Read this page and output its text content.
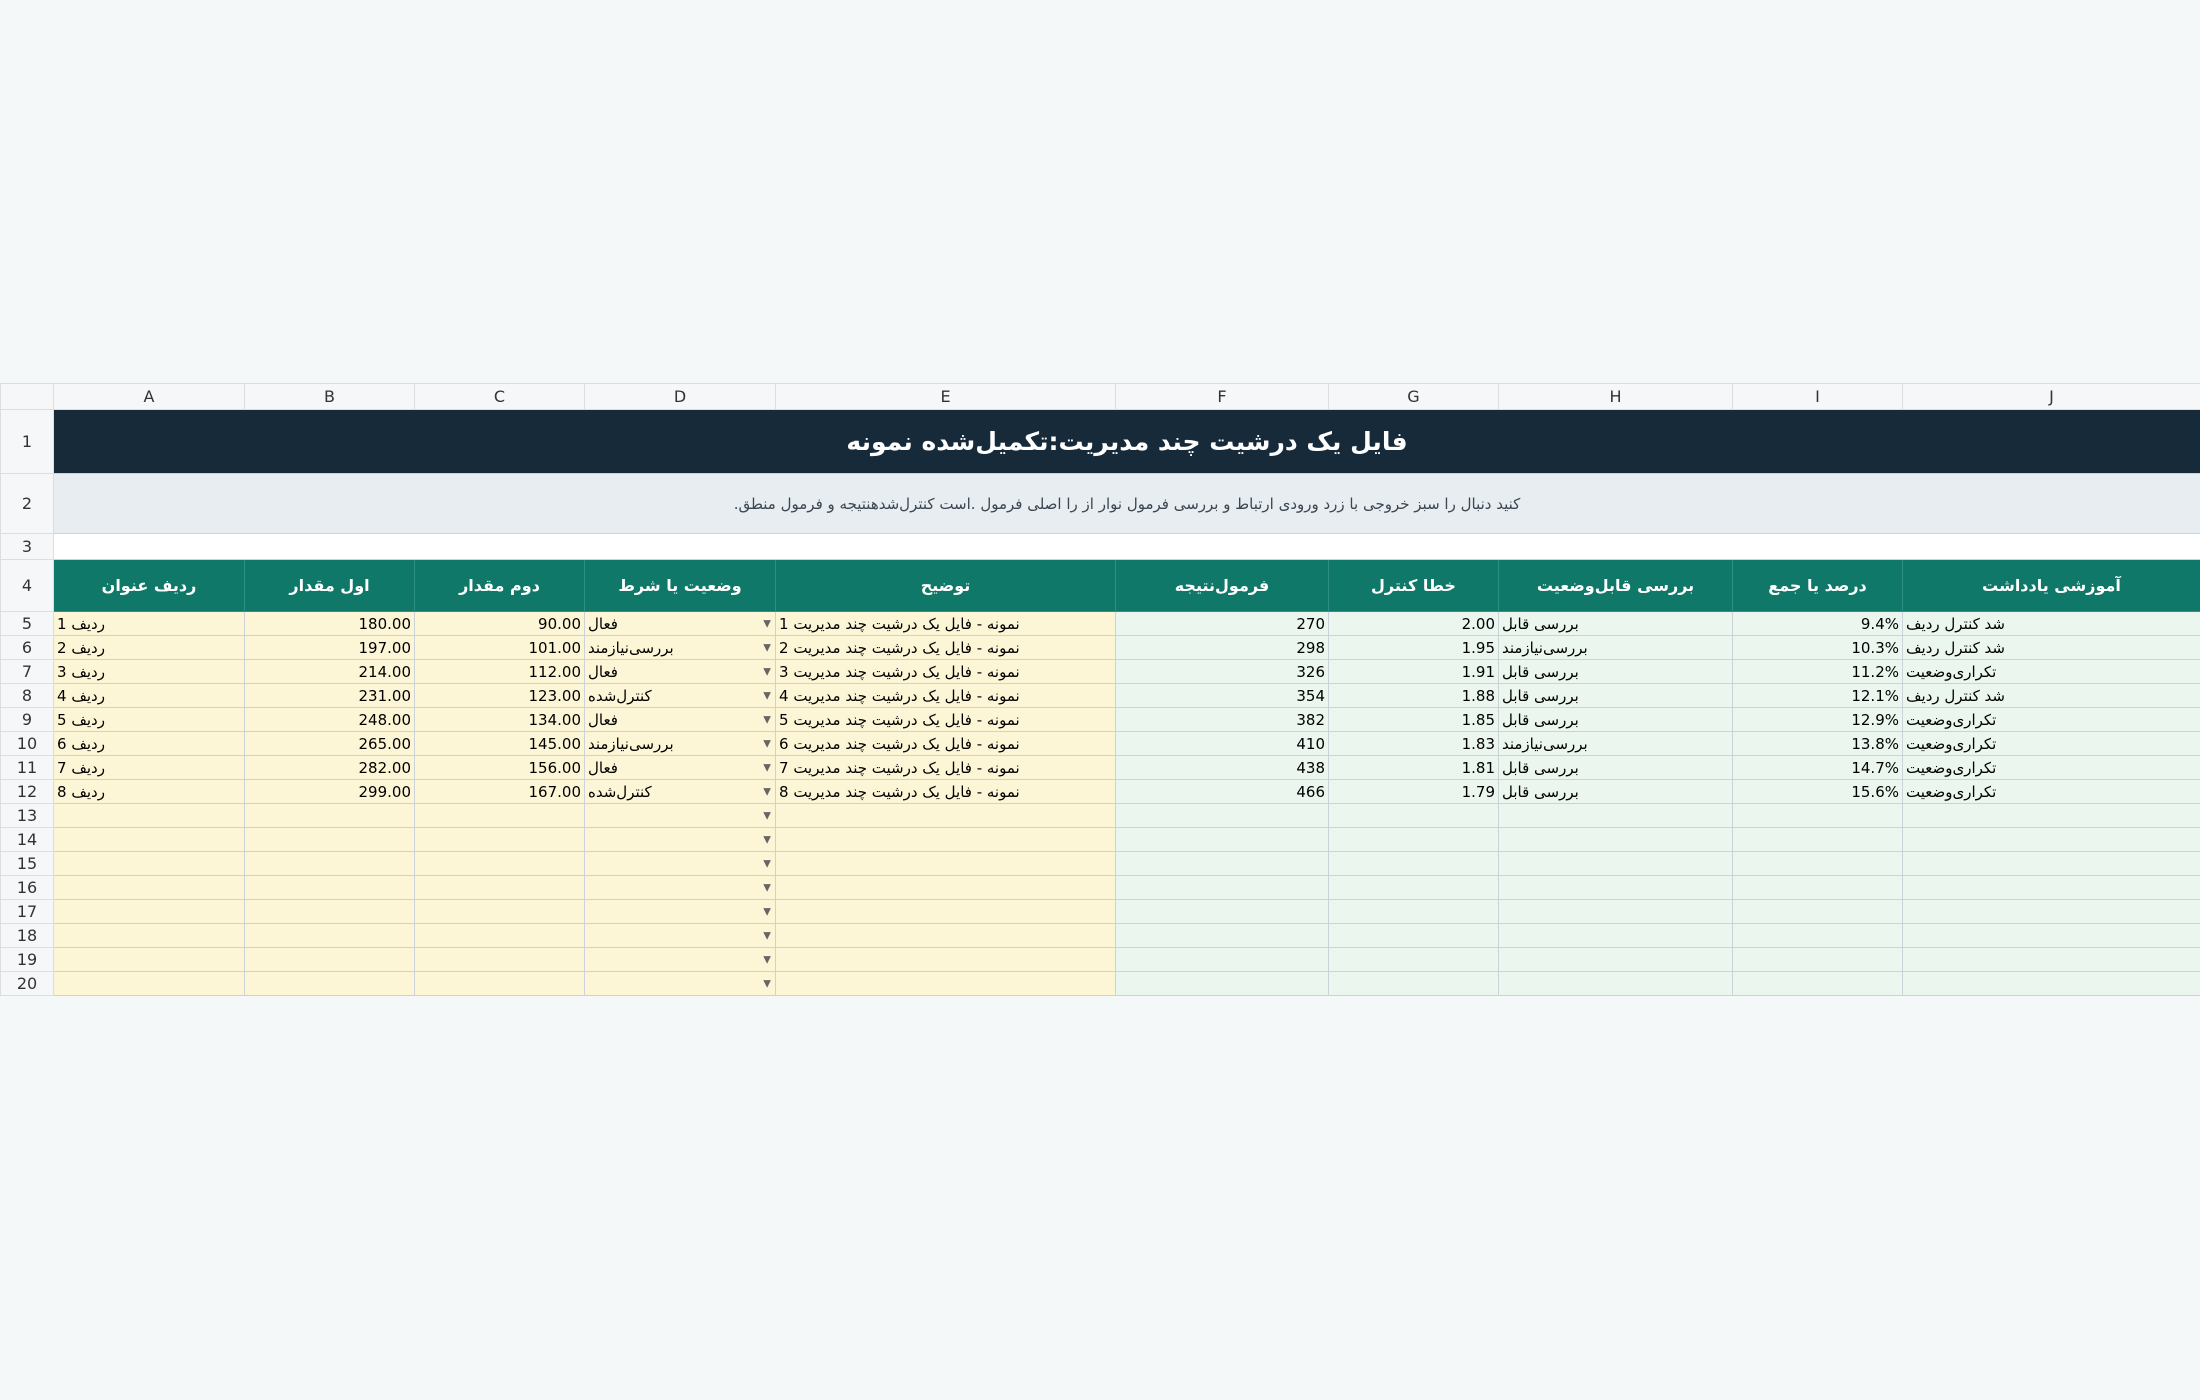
	A	B	C	D	E	F	G	H	I	J
1	فایل یک درشیت چند مدیریت:تکمیل‌شده نمونه									
2	کنید دنبال را سبز خروجی با زرد ورودی ارتباط و بررسی فرمول نوار از را اصلی فرمول .است کنترل‌شدهنتیجه و فرمول منطق.									
3										
4	ردیف عنوان	اول مقدار	دوم مقدار	وضعیت یا شرط	توضیح	فرمول‌نتیجه	خطا کنترل	بررسی قابل‌وضعیت	درصد یا جمع	آموزشی یادداشت
5	1 ردیف	180.00	90.00	فعال ▼	1 نمونه - فایل یک درشیت چند مدیریت	270	2.00	بررسی قابل	9.4%	شد کنترل ردیف
6	2 ردیف	197.00	101.00	بررسی‌نیازمند ▼	2 نمونه - فایل یک درشیت چند مدیریت	298	1.95	بررسی‌نیازمند	10.3%	شد کنترل ردیف
7	3 ردیف	214.00	112.00	فعال ▼	3 نمونه - فایل یک درشیت چند مدیریت	326	1.91	بررسی قابل	11.2%	تکراری‌وضعیت
8	4 ردیف	231.00	123.00	کنترل‌شده ▼	4 نمونه - فایل یک درشیت چند مدیریت	354	1.88	بررسی قابل	12.1%	شد کنترل ردیف
9	5 ردیف	248.00	134.00	فعال ▼	5 نمونه - فایل یک درشیت چند مدیریت	382	1.85	بررسی قابل	12.9%	تکراری‌وضعیت
10	6 ردیف	265.00	145.00	بررسی‌نیازمند ▼	6 نمونه - فایل یک درشیت چند مدیریت	410	1.83	بررسی‌نیازمند	13.8%	تکراری‌وضعیت
11	7 ردیف	282.00	156.00	فعال ▼	7 نمونه - فایل یک درشیت چند مدیریت	438	1.81	بررسی قابل	14.7%	تکراری‌وضعیت
12	8 ردیف	299.00	167.00	کنترل‌شده ▼	8 نمونه - فایل یک درشیت چند مدیریت	466	1.79	بررسی قابل	15.6%	تکراری‌وضعیت
13				▼						

14				▼						

15				▼						

16				▼						

17				▼						

18				▼						

19				▼						

20				▼						
